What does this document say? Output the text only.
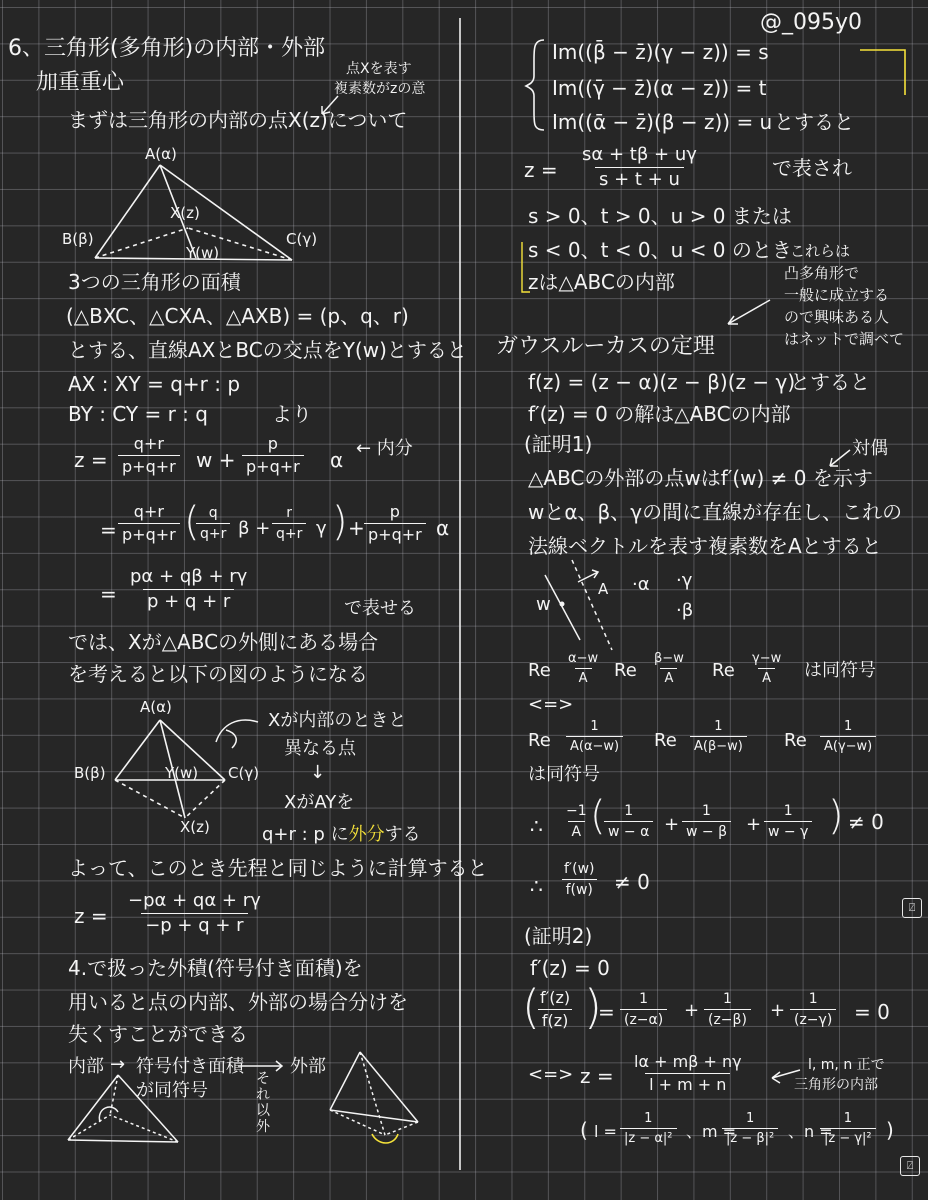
6、三角形(多角形)の内部・外部
加重重心
点Xを表す
複素数がzの意
まずは三角形の内部の点X(z)について
A(α)
X(z)
B(β)	C(γ)
Y(w)
3つの三角形の面積
(△BXC、△CXA、△AXB) = (p、q、r)
とする、直線AXとBCの交点をY(w)とすると
AX : XY = q+r : p
BY : CY = r : q	より
$z = \frac{q+r}{p+q+r}$ $w + \frac{p}{p+q+r}$ α ← 内分
= $\frac{q+r}{p+q+r}$ (
$\frac{q}{q+r}$ $\beta + \frac{r}{q+r}$ γ ) + $\frac{p}{p+q+r}$ α
= $\frac{p\alpha + q\beta + r\gamma}{p + q + r}$	で表せる
では、Xが△ABCの外側にある場合
を考えると以下の図のようになる
A(α)
B(β)	Y(w) C(γ)
X(z)
Xが内部のときと
異なる点
↓
XがAYを
q+r : p に外分する
よって、このとき先程と同じように計算すると
$z = \frac{-p\alpha + q\alpha + r\gamma}{-p + q + r}$
4.で扱った外積(符号付き面積)を
用いると点の内部、外部の場合分けを
失くすことができる
内部 → 符号付き面積
が同符号
外部
そ
れ
以
外
@_095y0
Im((β̄ − z̄)(γ − z)) = s
Im((γ̄ − z̄)(α − z)) = t
Im((ᾱ − z̄)(β − z)) = u とすると
$z = \frac{s\alpha + t\beta + u\gamma}{s + t + u}$	で表され
s > 0、t > 0、u > 0 または
s < 0、t < 0、u < 0 のとき
zは△ABCの内部
これらは
凸多角形で
一般に成立する
ので興味ある人
はネットで調べて
ガウスルーカスの定理
f(z) = (z − α)(z − β)(z − γ)
とすると
f′(z) = 0 の解は△ABCの内部
(証明1)	対偶
△ABCの外部の点wはf′(w) ≠ 0 を示す
wとα、β、γの間に直線が存在し、これの
法線ベクトルを表す複素数をAとすると
w
A ·α ·γ
·β
Re $\frac{\alpha-w}{A}$ Re $\frac{\beta-w}{A}$ Re $\frac{\gamma-w}{A}$ は同符号
<=>
Re $\frac{1}{A(\alpha-w)}$ Re $\frac{1}{A(\beta-w)}$ Re $\frac{1}{A(\gamma-w)}$
は同符号
∴ $\frac{-1}{A}$ (
$\frac{1}{w - \alpha} + \frac{1}{w - \beta} + \frac{1}{w - \gamma}$ ) ≠ 0
∴ $\frac{f'(w)}{f(w)} \ne 0$
⍁
(証明2)
f′(z) = 0
(
$\frac{f'(z)}{f(z)}$ )
= $\frac{1}{(z-\alpha)} + \frac{1}{(z-\beta)} + \frac{1}{(z-\gamma)} = 0$
<=> $z = \frac{l\alpha + m\beta + n\gamma}{l + m + n}$	l, m, n 正で
三角形の内部
( $l = \frac{1}{\text{|z − α|²}}$ 、m =
$\frac{1}{\text{|z − β|²}}$ 、n =
$\frac{1}{\text{|z − γ|²}}$ )
⍁
